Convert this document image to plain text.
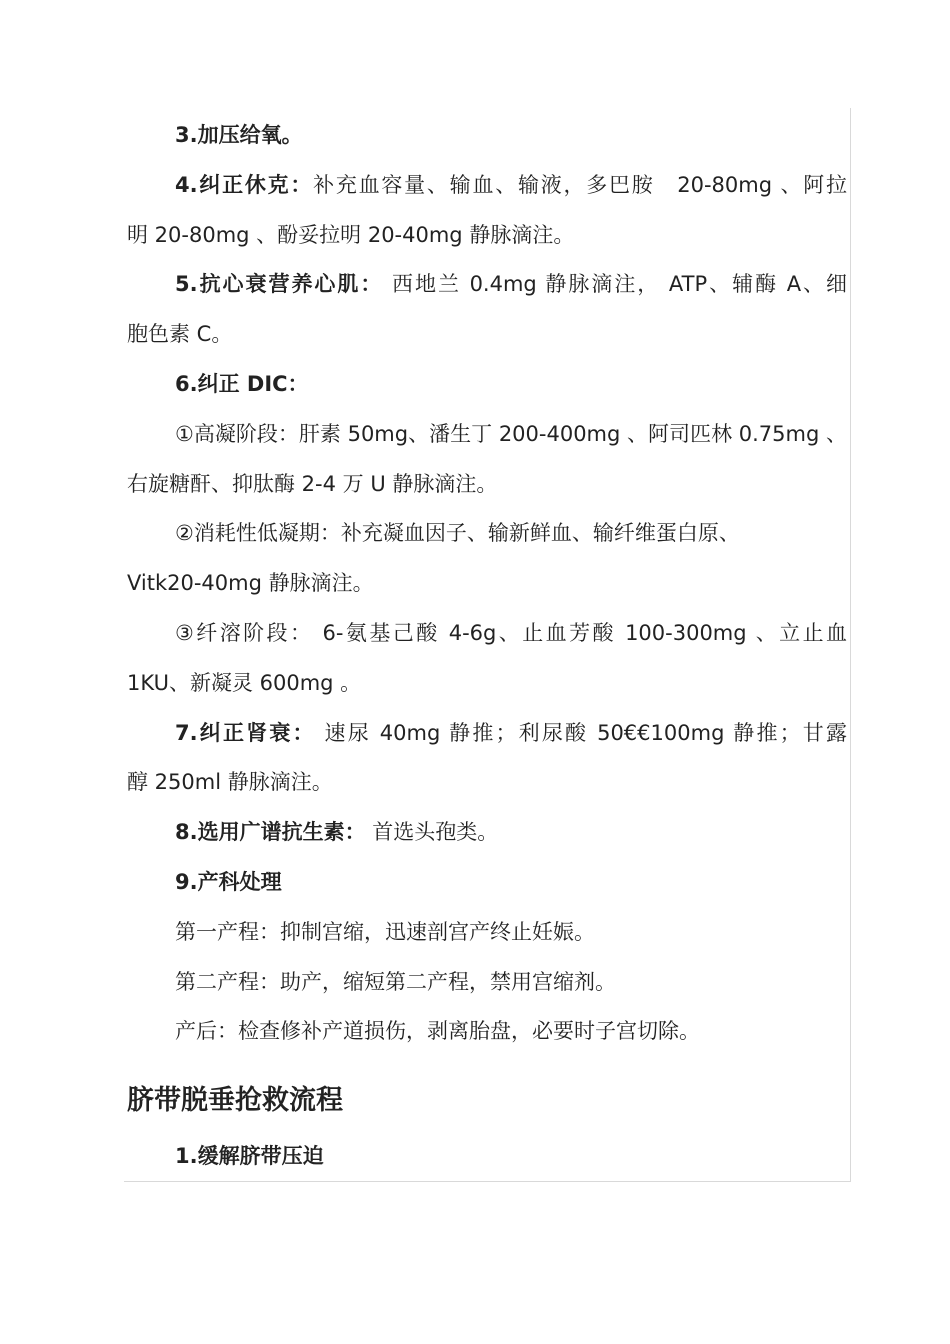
3.加压给氧。
4.纠正休克：补充血容量、输血、输液，多巴胺　20-80mg 、阿拉
明 20-80mg 、酚妥拉明 20-40mg 静脉滴注。
5.抗心衰营养心肌： 西地兰 0.4mg 静脉滴注， ATP、辅酶 A、细
胞色素 C。
6.纠正 DIC：
①高凝阶段：肝素 50mg、潘生丁 200-400mg 、阿司匹林 0.75mg 、
右旋糖酐、抑肽酶 2-4 万 U 静脉滴注。
②消耗性低凝期：补充凝血因子、输新鲜血、输纤维蛋白原、
Vitk20-40mg 静脉滴注。
③纤溶阶段： 6-氨基己酸 4-6g、止血芳酸 100-300mg 、立止血
1KU、新凝灵 600mg 。
7.纠正肾衰： 速尿 40mg 静推；利尿酸 50€€100mg 静推；甘露
醇 250ml 静脉滴注。
8.选用广谱抗生素： 首选头孢类。
9.产科处理
第一产程：抑制宫缩，迅速剖宫产终止妊娠。
第二产程：助产，缩短第二产程，禁用宫缩剂。
产后：检查修补产道损伤，剥离胎盘，必要时子宫切除。
脐带脱垂抢救流程
1.缓解脐带压迫
